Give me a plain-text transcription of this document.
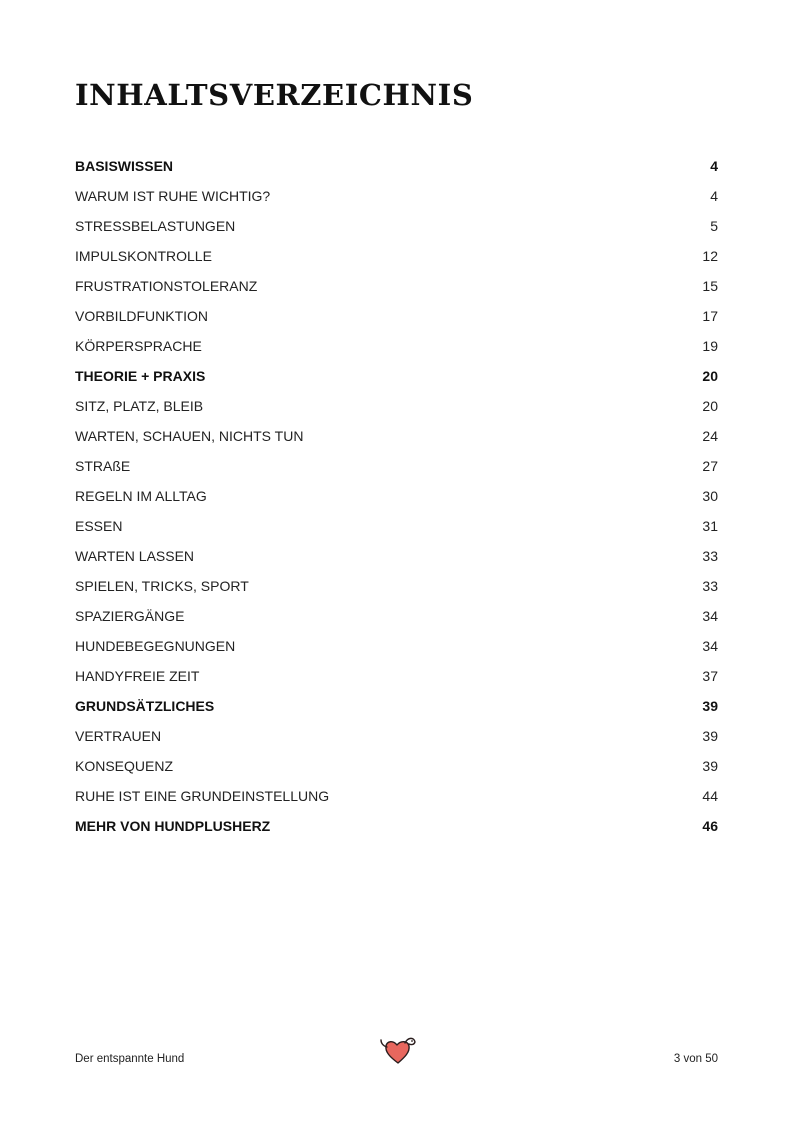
INHALTSVERZEICHNIS
BASISWISSEN	4
WARUM IST RUHE WICHTIG?	4
STRESSBELASTUNGEN	5
IMPULSKONTROLLE	12
FRUSTRATIONSTOLERANZ	15
VORBILDFUNKTION	17
KÖRPERSPRACHE	19
THEORIE + PRAXIS	20
SITZ, PLATZ, BLEIB	20
WARTEN, SCHAUEN, NICHTS TUN	24
STRAßE	27
REGELN IM ALLTAG	30
ESSEN	31
WARTEN LASSEN	33
SPIELEN, TRICKS, SPORT	33
SPAZIERGÄNGE	34
HUNDEBEGEGNUNGEN	34
HANDYFREIE ZEIT	37
GRUNDSÄTZLICHES	39
VERTRAUEN	39
KONSEQUENZ	39
RUHE IST EINE GRUNDEINSTELLUNG	44
MEHR VON HUNDPLUSHERZ	46
Der entspannte Hund	3 von 50
